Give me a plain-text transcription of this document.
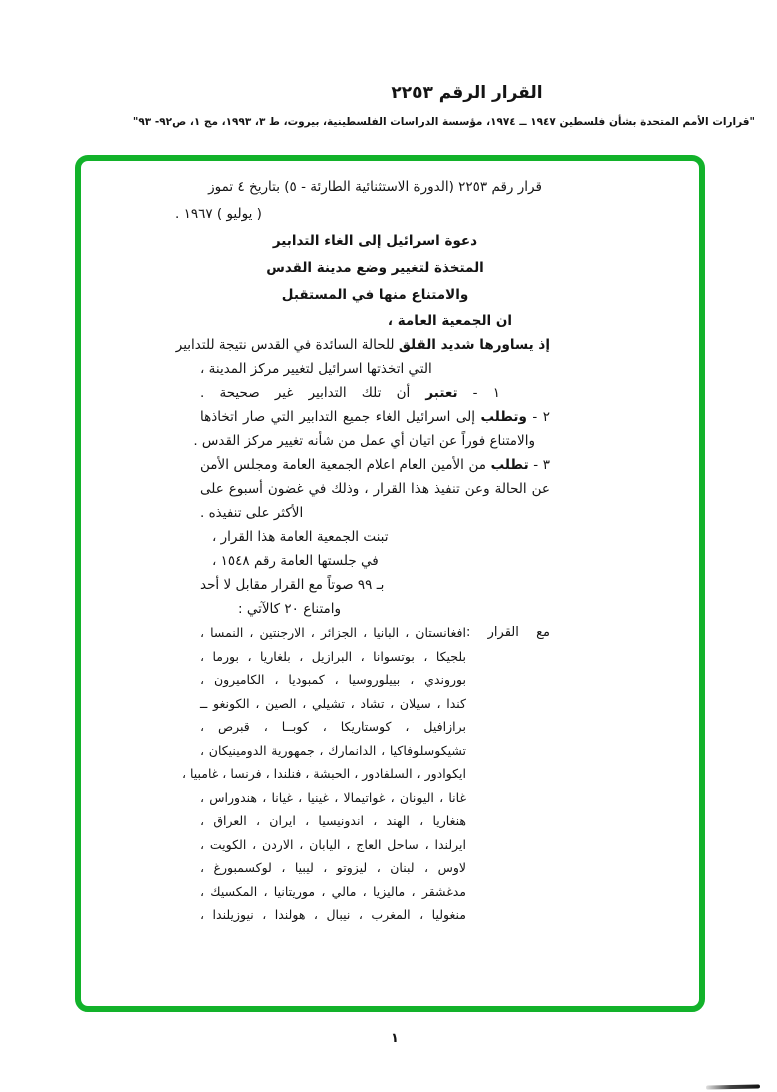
القرار الرقم ٢٢٥٣
"قرارات الأمم المتحدة بشأن فلسطين ١٩٤٧ ــ ١٩٧٤، مؤسسة الدراسات الفلسطينية، بيروت، ط ٣، ١٩٩٣، مج ١، ص٩٢- ٩٣"
قرار رقم ٢٢٥٣ (الدورة الاستثنائية الطارئة - ٥) بتاريخ ٤ تموز
( يوليو ) ١٩٦٧ .
دعوة اسرائيل إلى الغاء التدابير
المتخذة لتغيير وضع مدينة القدس
والامتناع منها في المستقبل
ان الجمعية العامة ،
إذ يساورها شديد القلق للحالة السائدة في القدس نتيجة للتدابير
التي اتخذتها اسرائيل لتغيير مركز المدينة ،
١ - تعتبر أن تلك التدابير غير صحيحة .
٢ - وتطلب إلى اسرائيل الغاء جميع التدابير التي صار اتخاذها
والامتناع فوراً عن اتيان أي عمل من شأنه تغيير مركز القدس .
٣ - تطلب من الأمين العام اعلام الجمعية العامة ومجلس الأمن
عن الحالة وعن تنفيذ هذا القرار ، وذلك في غضون أسبوع على
الأكثر على تنفيذه .
تبنت الجمعية العامة هذا القرار ،
في جلستها العامة رقم ١٥٤٨ ،
بـ ٩٩ صوتاً مع القرار مقابل لا أحد
وامتناع ٢٠ كالآتي :
مع القرار :
افغانستان ، البانيا ، الجزائر ، الارجنتين ، النمسا ،
بلجيكا ، بوتسوانا ، البرازيل ، بلغاريا ، بورما ،
بوروندي ، بييلوروسيا ، كمبوديا ، الكاميرون ،
كندا ، سيلان ، تشاد ، تشيلي ، الصين ، الكونغو ــ
برازافيل ، كوستاريكا ، كوبــا ، قبرص ،
تشيكوسلوفاكيا ، الدانمارك ، جمهورية الدومينيكان ،
ايكوادور ، السلفادور ، الحبشة ، فنلندا ، فرنسا ، غامبيا ،
غانا ، اليونان ، غواتيمالا ، غينيا ، غيانا ، هندوراس ،
هنغاريا ، الهند ، اندونيسيا ، ايران ، العراق ،
ايرلندا ، ساحل العاج ، اليابان ، الاردن ، الكويت ،
لاوس ، لبنان ، ليزوتو ، ليبيا ، لوكسمبورغ ،
مدغشقر ، ماليزيا ، مالي ، موريتانيا ، المكسيك ،
منغوليا ، المغرب ، نيبال ، هولندا ، نيوزيلندا ،
١
